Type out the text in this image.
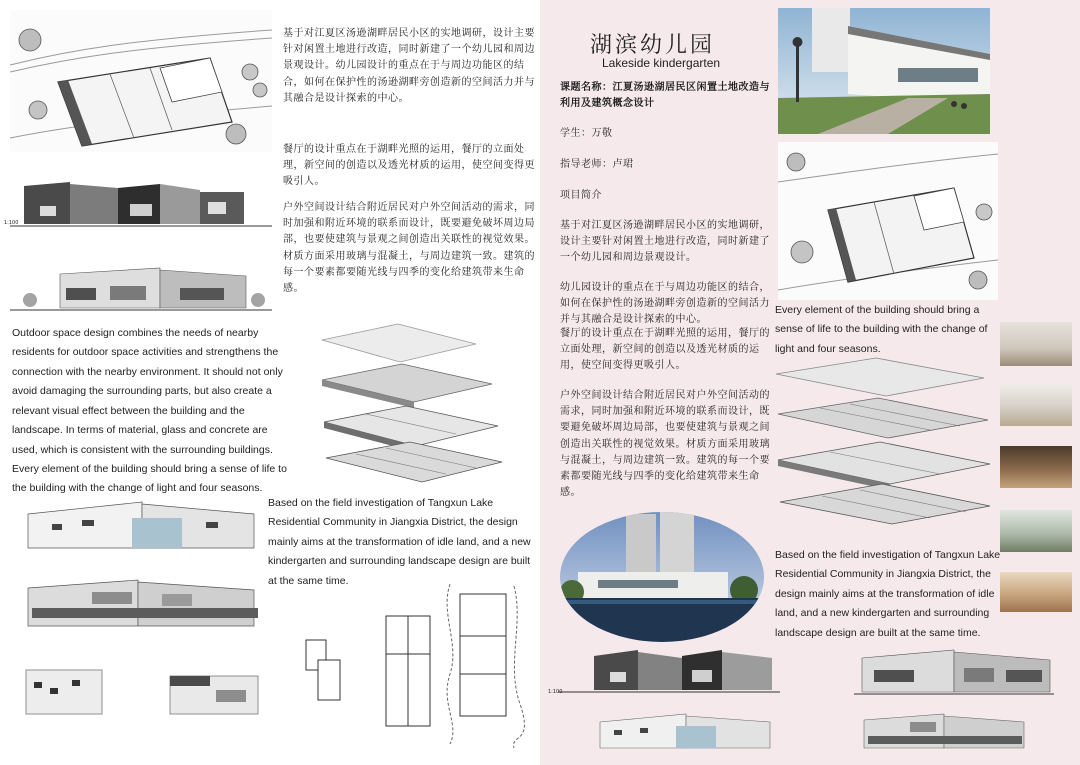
1:100
基于对江夏区汤逊湖畔居民小区的实地调研，设计主要针对闲置土地进行改造，同时新建了一个幼儿园和周边景观设计。幼儿园设计的重点在于与周边功能区的结合，如何在保护性的汤逊湖畔旁创造新的空间活力并与其融合是设计探索的中心。
餐厅的设计重点在于湖畔光照的运用，餐厅的立面处理，新空间的创造以及透光材质的运用，使空间变得更吸引人。
户外空间设计结合附近居民对户外空间活动的需求，同时加强和附近环境的联系而设计，既要避免破坏周边局部，也要使建筑与景观之间创造出关联性的视觉效果。材质方面采用玻璃与混凝土，与周边建筑一致。建筑的每一个要素都要随光线与四季的变化给建筑带来生命感。
Outdoor space design combines the needs of nearby residents for outdoor space activities and strengthens the connection with the nearby environment. It should not only avoid damaging the surrounding parts, but also create a relevant visual effect between the building and the landscape. In terms of material, glass and concrete are used, which is consistent with the surrounding buildings. Every element of the building should bring a sense of life to the building with the change of light and four seasons.
Based on the field investigation of Tangxun Lake Residential Community in Jiangxia District, the design mainly aims at the transformation of idle land, and a new kindergarten and surrounding landscape design are built at the same time.
湖滨幼儿园
Lakeside kindergarten
课题名称：江夏汤逊湖居民区闲置土地改造与利用及建筑概念设计
学生：万敬
指导老师：卢珺
项目简介
基于对江夏区汤逊湖畔居民小区的实地调研，设计主要针对闲置土地进行改造，同时新建了一个幼儿园和周边景观设计。
幼儿园设计的重点在于与周边功能区的结合，如何在保护性的汤逊湖畔旁创造新的空间活力并与其融合是设计探索的中心。
餐厅的设计重点在于湖畔光照的运用，餐厅的立面处理，新空间的创造以及透光材质的运用，使空间变得更吸引人。
户外空间设计结合附近居民对户外空间活动的需求，同时加强和附近环境的联系而设计，既要避免破坏周边局部，也要使建筑与景观之间创造出关联性的视觉效果。材质方面采用玻璃与混凝土，与周边建筑一致。建筑的每一个要素都要随光线与四季的变化给建筑带来生命感。
Every element of the building should bring a sense of life to the building with the change of light and four seasons.
Based on the field investigation of Tangxun Lake Residential Community in Jiangxia District, the design mainly aims at the transformation of idle land, and a new kindergarten and surrounding landscape design are built at the same time.
1:100
